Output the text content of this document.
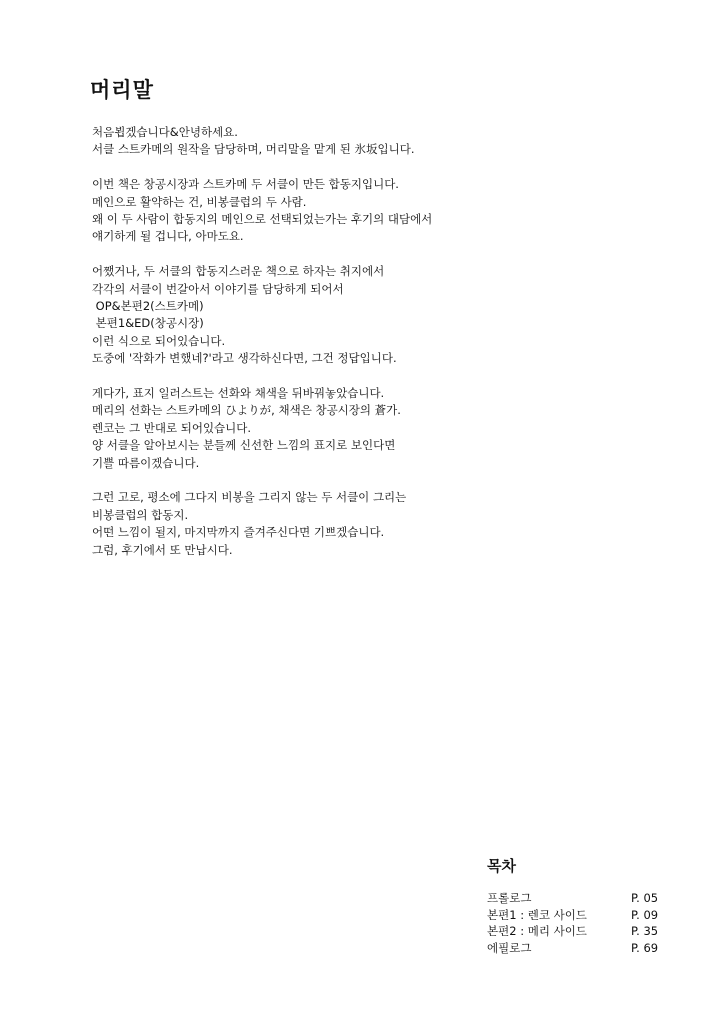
머리말

처음뵙겠습니다&안녕하세요.
서클 스트카메의 원작을 담당하며, 머리말을 맡게 된 氷坂입니다.

이번 책은 창공시장과 스트카메 두 서클이 만든 합동지입니다.
메인으로 활약하는 건, 비봉클럽의 두 사람.
왜 이 두 사람이 합동지의 메인으로 선택되었는가는 후기의 대담에서
얘기하게 될 겁니다, 아마도요.

어쨌거나, 두 서클의 합동지스러운 책으로 하자는 취지에서
각각의 서클이 번갈아서 이야기를 담당하게 되어서
OP&본편2(스트카메)
본편1&ED(창공시장)
이런 식으로 되어있습니다.
도중에 '작화가 변했네?'라고 생각하신다면, 그건 정답입니다.

게다가, 표지 일러스트는 선화와 채색을 뒤바꿔놓았습니다.
메리의 선화는 스트카메의 ひよりが, 채색은 창공시장의 蒼가.
렌코는 그 반대로 되어있습니다.
양 서클을 알아보시는 분들께 신선한 느낌의 표지로 보인다면
기쁠 따름이겠습니다.

그런 고로, 평소에 그다지 비봉을 그리지 않는 두 서클이 그리는
비봉클럽의 합동지.
어떤 느낌이 될지, 마지막까지 즐겨주신다면 기쁘겠습니다.
그럼, 후기에서 또 만납시다.

목차
프롤로그	P. 05
본편1 : 렌코 사이드	P. 09
본편2 : 메리 사이드	P. 35
에필로그	P. 69
